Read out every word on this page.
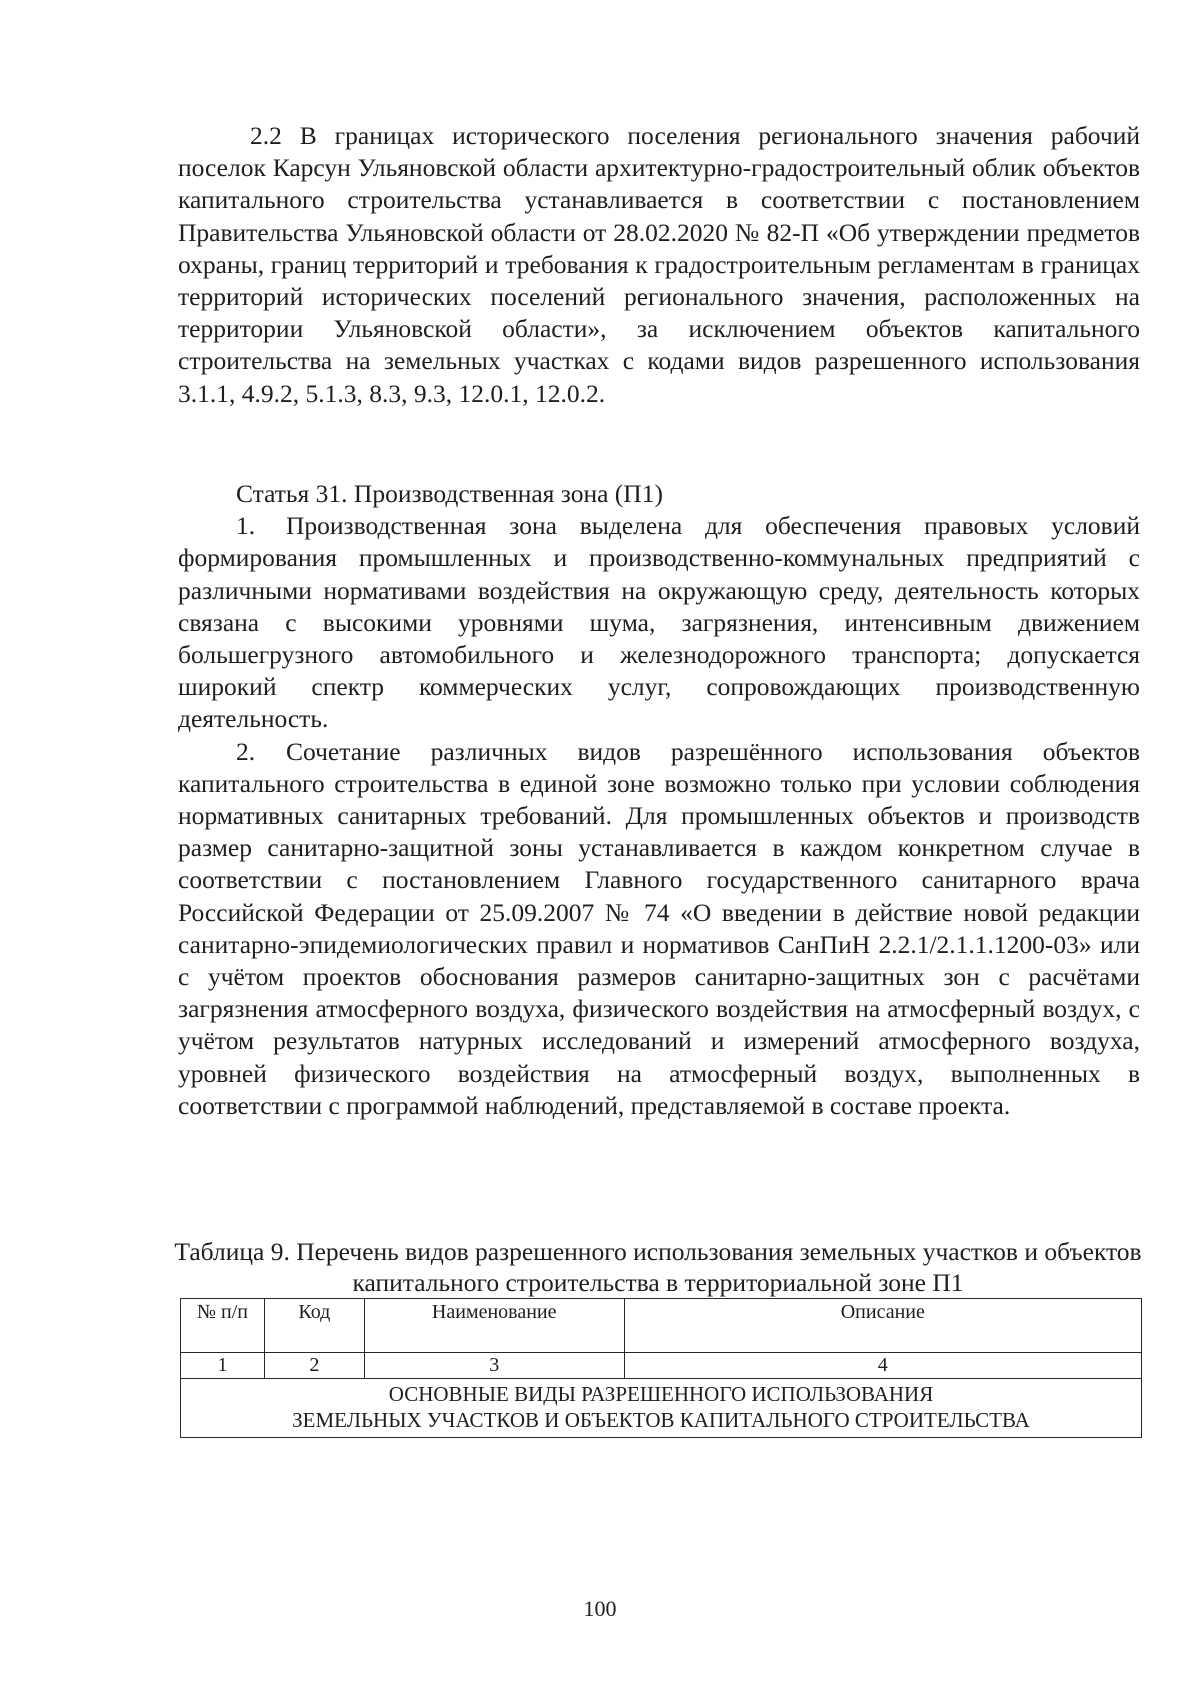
2.2 В границах исторического поселения регионального значения рабочий поселок Карсун Ульяновской области архитектурно-градостроительный облик объектов капитального строительства устанавливается в соответствии с постановлением Правительства Ульяновской области от 28.02.2020 № 82-П «Об утверждении предметов охраны, границ территорий и требования к градостроительным регламентам в границах территорий исторических поселений регионального значения, расположенных на территории Ульяновской области», за исключением объектов капитального строительства на земельных участках с кодами видов разрешенного использования 3.1.1, 4.9.2, 5.1.3, 8.3, 9.3, 12.0.1, 12.0.2.

Статья 31. Производственная зона (П1)

1. Производственная зона выделена для обеспечения правовых условий формирования промышленных и производственно-коммунальных предприятий с различными нормативами воздействия на окружающую среду, деятельность которых связана с высокими уровнями шума, загрязнения, интенсивным движением большегрузного автомобильного и железнодорожного транспорта; допускается широкий спектр коммерческих услуг, сопровождающих производственную деятельность.

2. Сочетание различных видов разрешённого использования объектов капитального строительства в единой зоне возможно только при условии соблюдения нормативных санитарных требований. Для промышленных объектов и производств размер санитарно-защитной зоны устанавливается в каждом конкретном случае в соответствии с постановлением Главного государственного санитарного врача Российской Федерации от 25.09.2007 № 74 «О введении в действие новой редакции санитарно-эпидемиологических правил и нормативов СанПиН 2.2.1/2.1.1.1200-03» или с учётом проектов обоснования размеров санитарно-защитных зон с расчётами загрязнения атмосферного воздуха, физического воздействия на атмосферный воздух, с учётом результатов натурных исследований и измерений атмосферного воздуха, уровней физического воздействия на атмосферный воздух, выполненных в соответствии с программой наблюдений, представляемой в составе проекта.

Таблица 9. Перечень видов разрешенного использования земельных участков и объектов капитального строительства в территориальной зоне П1

№ п/п	Код	Наименование	Описание
1	2	3	4

ОСНОВНЫЕ ВИДЫ РАЗРЕШЕННОГО ИСПОЛЬЗОВАНИЯ
ЗЕМЕЛЬНЫХ УЧАСТКОВ И ОБЪЕКТОВ КАПИТАЛЬНОГО СТРОИТЕЛЬСТВА			

100
